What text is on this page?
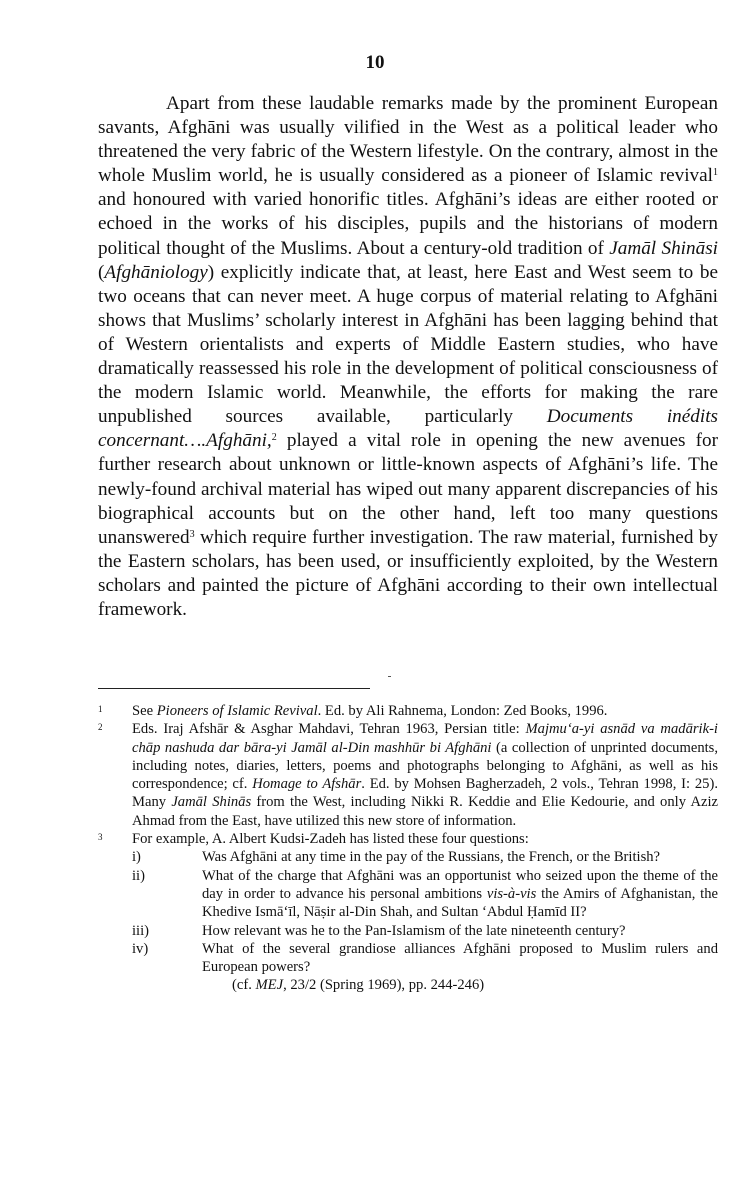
10

Apart from these laudable remarks made by the prominent European savants, Afghāni was usually vilified in the West as a political leader who threatened the very fabric of the Western lifestyle. On the contrary, almost in the whole Muslim world, he is usually considered as a pioneer of Islamic revival$^1$ and honoured with varied honorific titles. Afghāni’s ideas are either rooted or echoed in the works of his disciples, pupils and the historians of modern political thought of the Muslims. About a century-old tradition of Jamāl Shināsi (Afghāniology) explicitly indicate that, at least, here East and West seem to be two oceans that can never meet. A huge corpus of material relating to Afghāni shows that Muslims’ scholarly interest in Afghāni has been lagging behind that of Western orientalists and experts of Middle Eastern studies, who have dramatically reassessed his role in the development of political consciousness of the modern Islamic world. Meanwhile, the efforts for making the rare unpublished sources available, particularly Documents inédits concernant….Afghāni,$^2$ played a vital role in opening the new avenues for further research about unknown or little-known aspects of Afghāni’s life. The newly-found archival material has wiped out many apparent discrepancies of his biographical accounts but on the other hand, left too many questions unanswered$^3$ which require further investigation. The raw material, furnished by the Eastern scholars, has been used, or insufficiently exploited, by the Western scholars and painted the picture of Afghāni according to their own intellectual framework.

1 See Pioneers of Islamic Revival. Ed. by Ali Rahnema, London: Zed Books, 1996.
2 Eds. Iraj Afshār & Asghar Mahdavi, Tehran 1963, Persian title: Majmu‘a-yi asnād va madārik-i chāp nashuda dar bāra-yi Jamāl al-Din mashhūr bi Afghāni (a collection of unprinted documents, including notes, diaries, letters, poems and photographs belonging to Afghāni, as well as his correspondence; cf. Homage to Afshār. Ed. by Mohsen Bagherzadeh, 2 vols., Tehran 1998, I: 25). Many Jamāl Shinās from the West, including Nikki R. Keddie and Elie Kedourie, and only Aziz Ahmad from the East, have utilized this new store of information.
3 For example, A. Albert Kudsi-Zadeh has listed these four questions:
i)	Was Afghāni at any time in the pay of the Russians, the French, or the British?
ii)	What of the charge that Afghāni was an opportunist who seized upon the theme of the day in order to advance his personal ambitions vis-à-vis the Amirs of Afghanistan, the Khedive Ismā‘īl, Nāṣir al-Din Shah, and Sultan ‘Abdul Ḥamīd II?
iii)	How relevant was he to the Pan-Islamism of the late nineteenth century?
iv)	What of the several grandiose alliances Afghāni proposed to Muslim rulers and European powers?
(cf. MEJ, 23/2 (Spring 1969), pp. 244-246)
